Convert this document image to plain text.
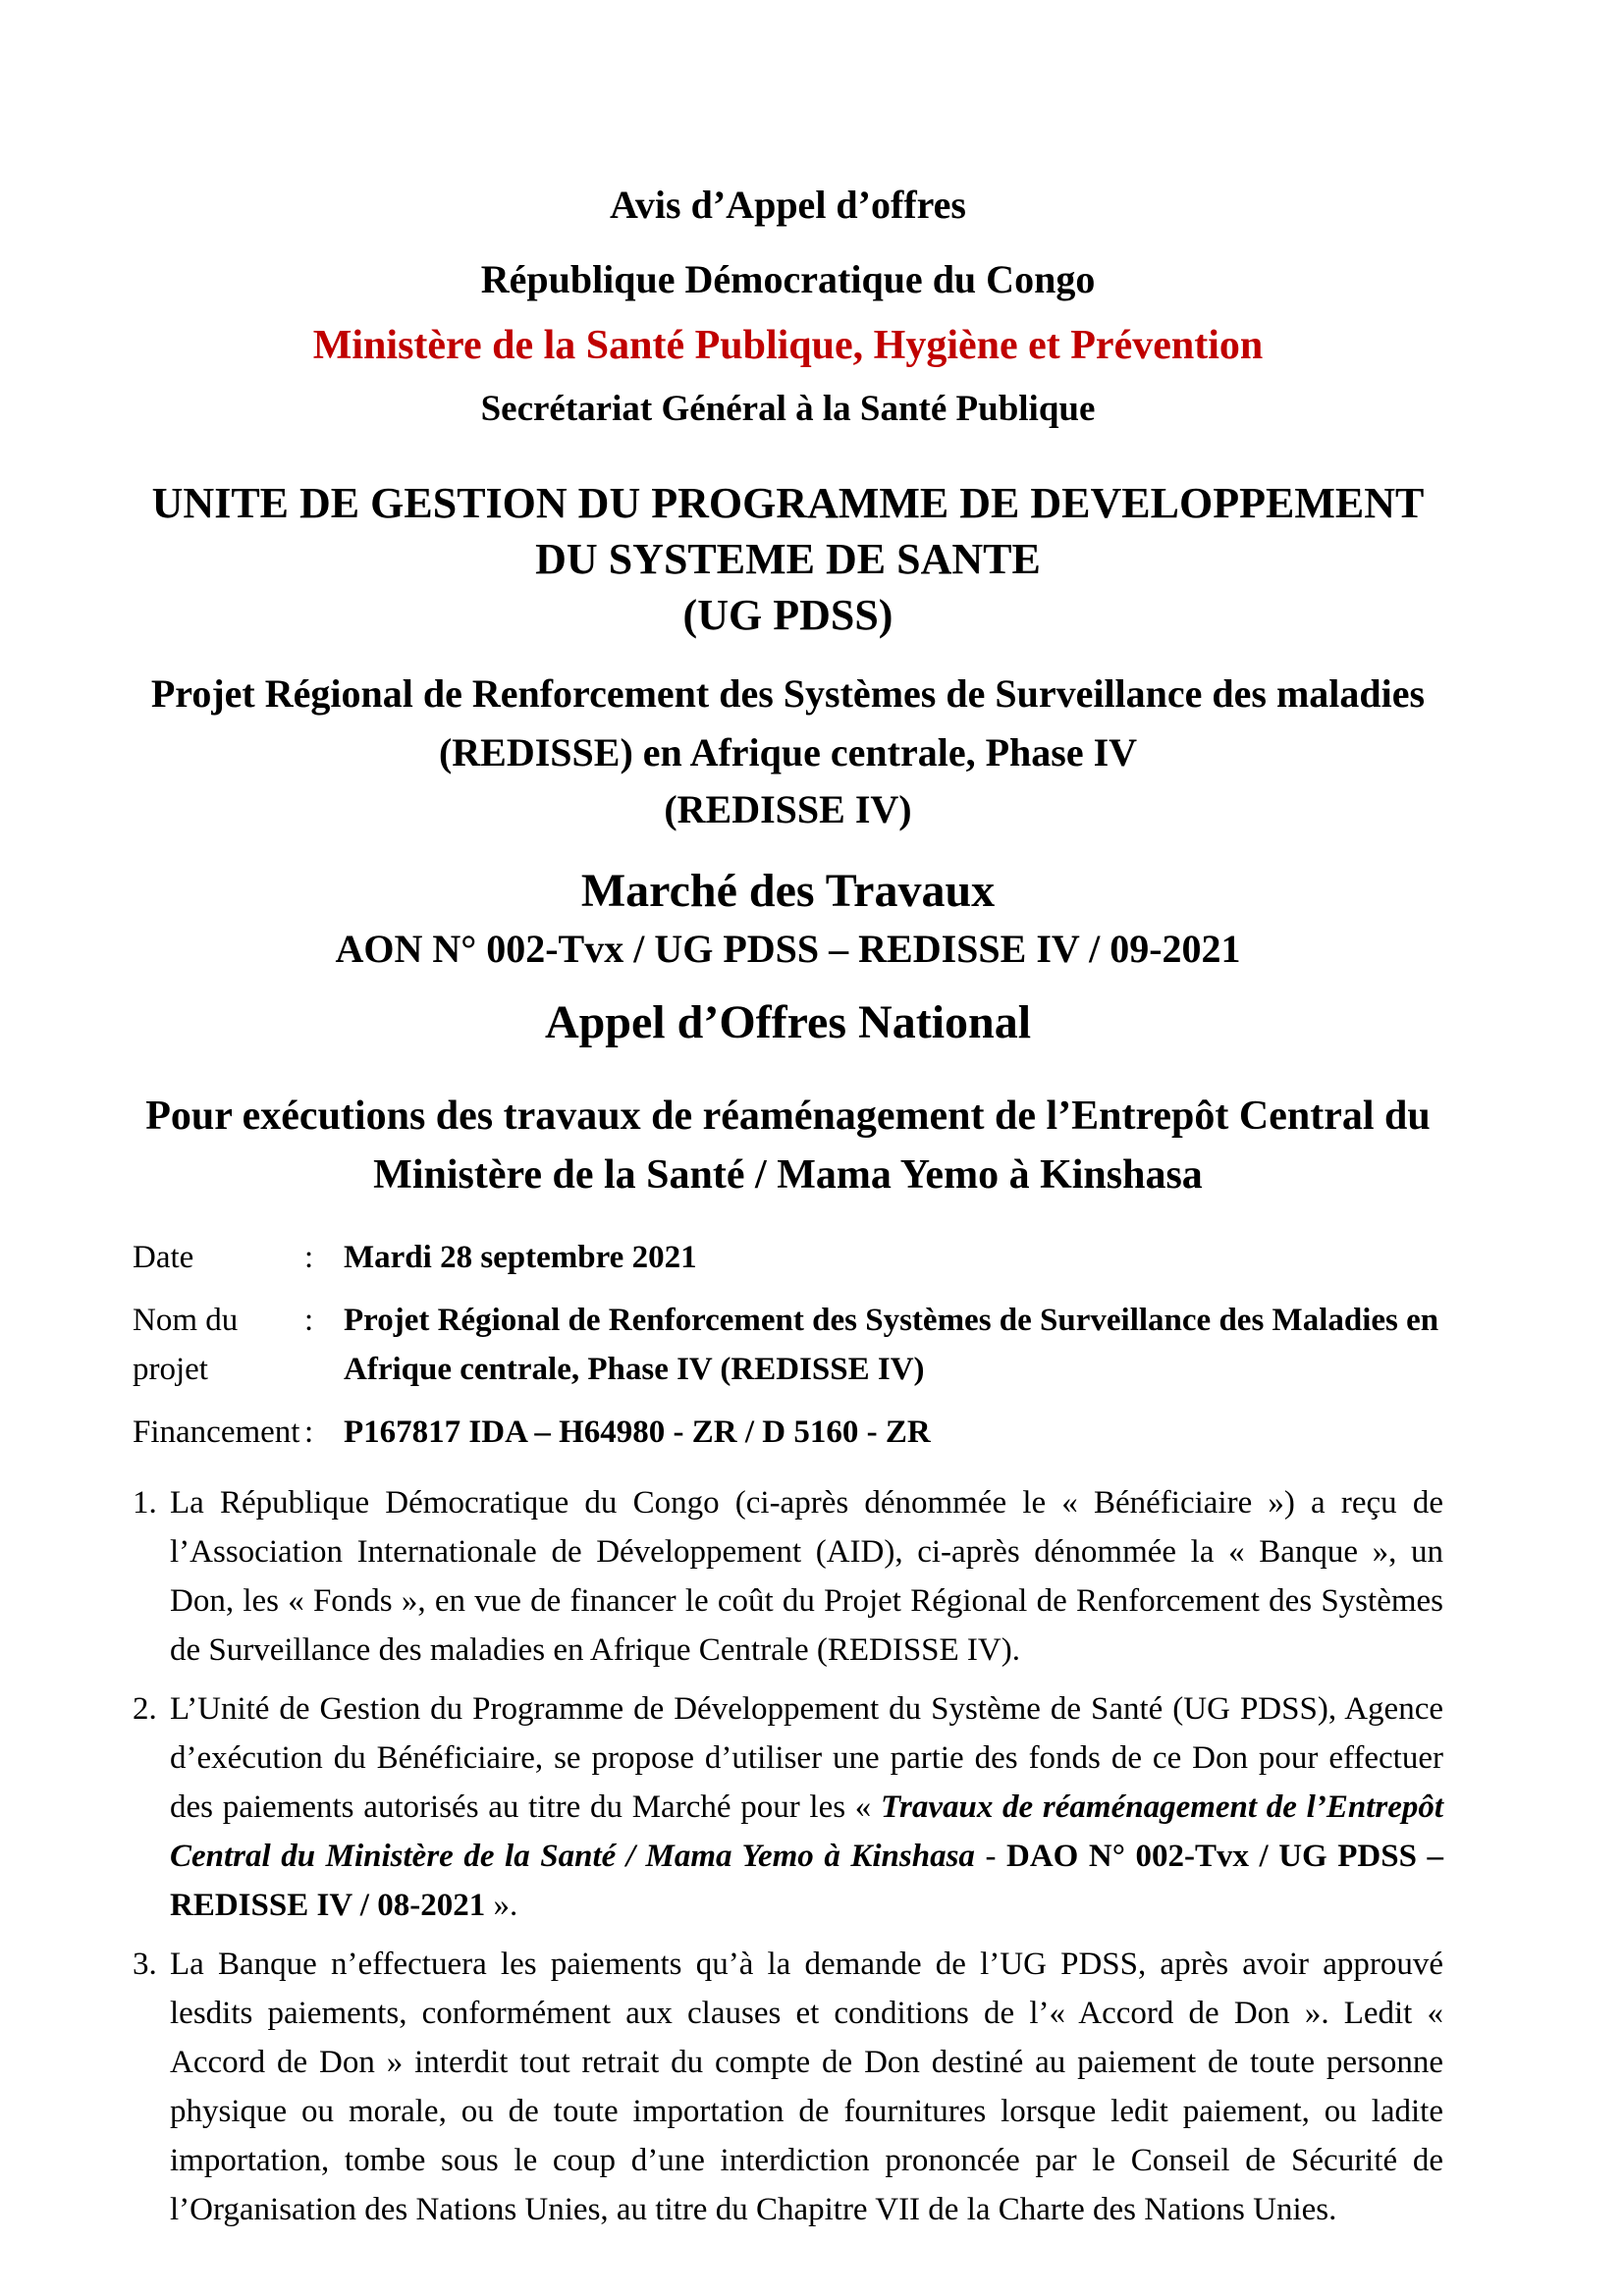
Avis d’Appel d’offres
République Démocratique du Congo
Ministère de la Santé Publique, Hygiène et Prévention
Secrétariat Général à la Santé Publique
UNITE DE GESTION DU PROGRAMME DE DEVELOPPEMENT
DU SYSTEME DE SANTE
(UG PDSS)
Projet Régional de Renforcement des Systèmes de Surveillance des maladies (REDISSE) en Afrique centrale, Phase IV
(REDISSE IV)
Marché des Travaux
AON N° 002-Tvx / UG PDSS – REDISSE IV / 09-2021
Appel d’Offres National
Pour exécutions des travaux de réaménagement de l’Entrepôt Central du Ministère de la Santé / Mama Yemo à Kinshasa
Date	: Mardi 28 septembre 2021
Nom du projet
: Projet Régional de Renforcement des Systèmes de Surveillance des Maladies en Afrique centrale, Phase IV (REDISSE IV)
Financement : P167817 IDA – H64980 - ZR / D 5160 - ZR
1. La République Démocratique du Congo (ci-après dénommée le « Bénéficiaire ») a reçu de l’Association Internationale de Développement (AID), ci-après dénommée la « Banque », un Don, les « Fonds », en vue de financer le coût du Projet Régional de Renforcement des Systèmes de Surveillance des maladies en Afrique Centrale (REDISSE IV).
2. L’Unité de Gestion du Programme de Développement du Système de Santé (UG PDSS), Agence d’exécution du Bénéficiaire, se propose d’utiliser une partie des fonds de ce Don pour effectuer des paiements autorisés au titre du Marché pour les « Travaux de réaménagement de l’Entrepôt Central du Ministère de la Santé / Mama Yemo à Kinshasa - DAO N° 002-Tvx / UG PDSS – REDISSE IV / 08-2021 ».
3. La Banque n’effectuera les paiements qu’à la demande de l’UG PDSS, après avoir approuvé lesdits paiements, conformément aux clauses et conditions de l’« Accord de Don ». Ledit « Accord de Don » interdit tout retrait du compte de Don destiné au paiement de toute personne physique ou morale, ou de toute importation de fournitures lorsque ledit paiement, ou ladite importation, tombe sous le coup d’une interdiction prononcée par le Conseil de Sécurité de l’Organisation des Nations Unies, au titre du Chapitre VII de la Charte des Nations Unies.
